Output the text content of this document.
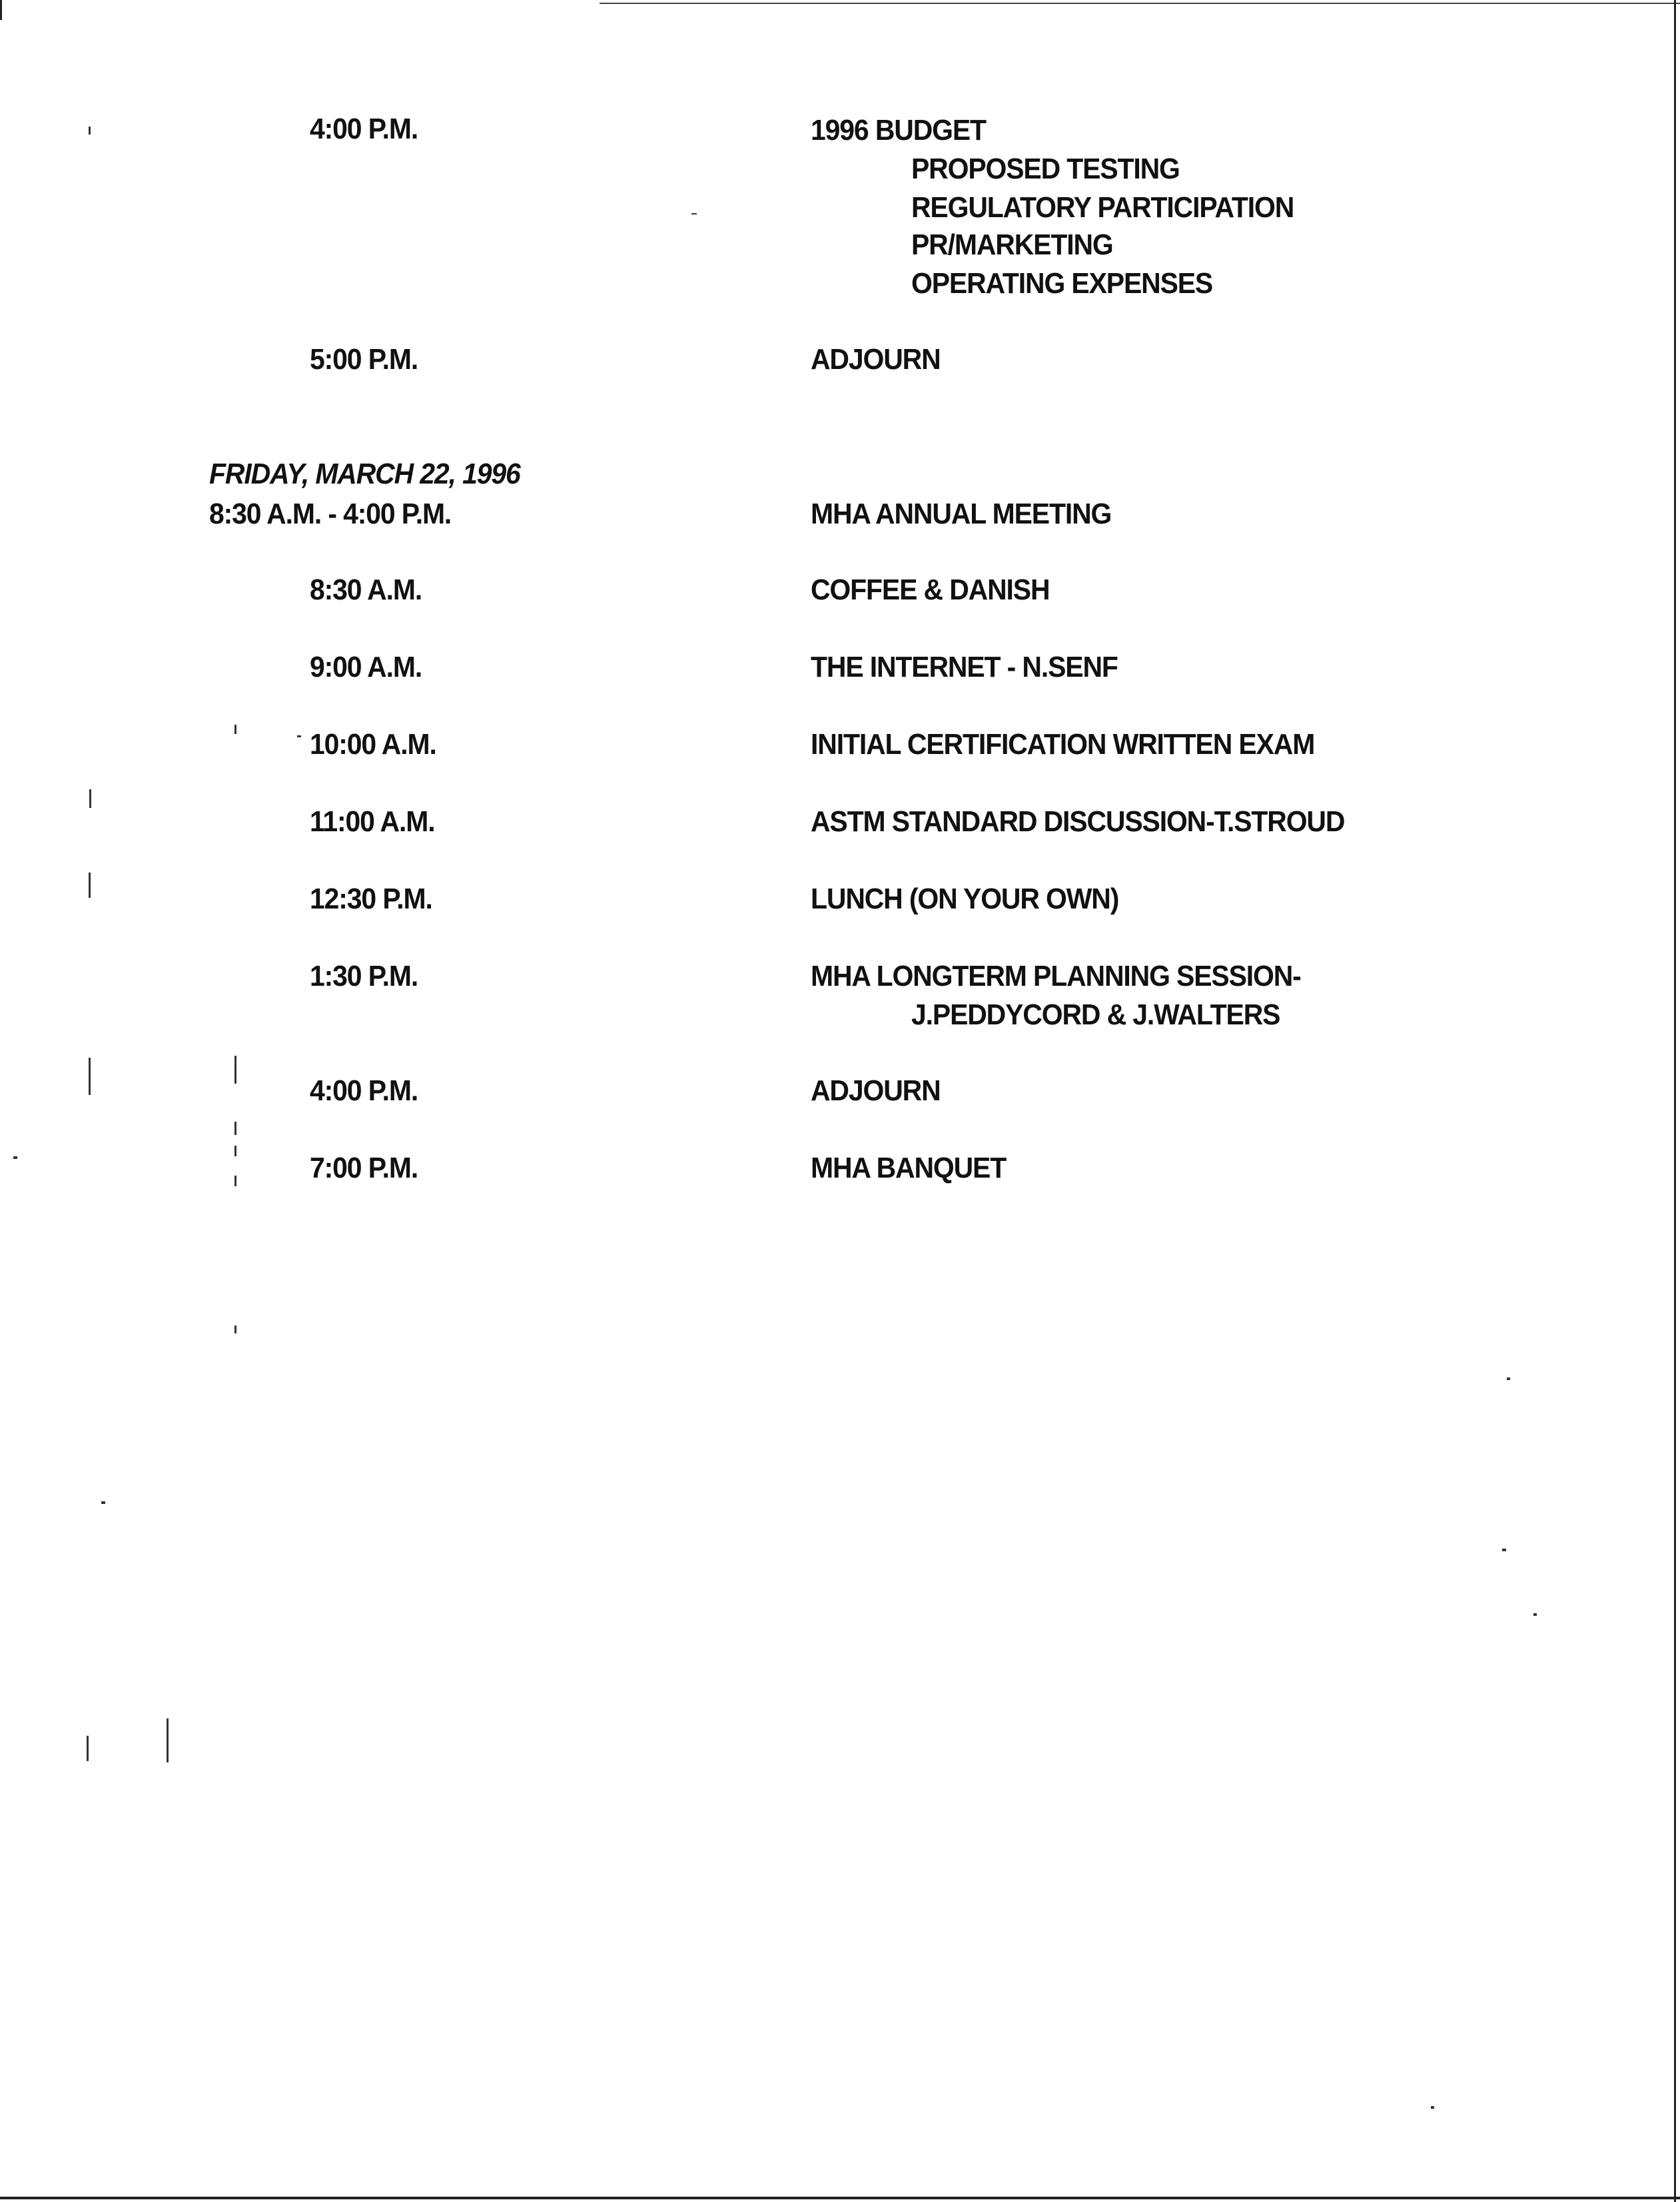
4:00 P.M.	1996 BUDGET
PROPOSED TESTING
REGULATORY PARTICIPATION
PR/MARKETING
OPERATING EXPENSES
5:00 P.M.	ADJOURN
FRIDAY, MARCH 22, 1996
8:30 A.M. - 4:00 P.M.	MHA ANNUAL MEETING
8:30 A.M.	COFFEE & DANISH
9:00 A.M.	THE INTERNET - N.SENF
10:00 A.M.	INITIAL CERTIFICATION WRITTEN EXAM
11:00 A.M.	ASTM STANDARD DISCUSSION-T.STROUD
12:30 P.M.	LUNCH (ON YOUR OWN)
1:30 P.M.	MHA LONGTERM PLANNING SESSION-
J.PEDDYCORD & J.WALTERS
4:00 P.M.	ADJOURN
7:00 P.M.	MHA BANQUET
